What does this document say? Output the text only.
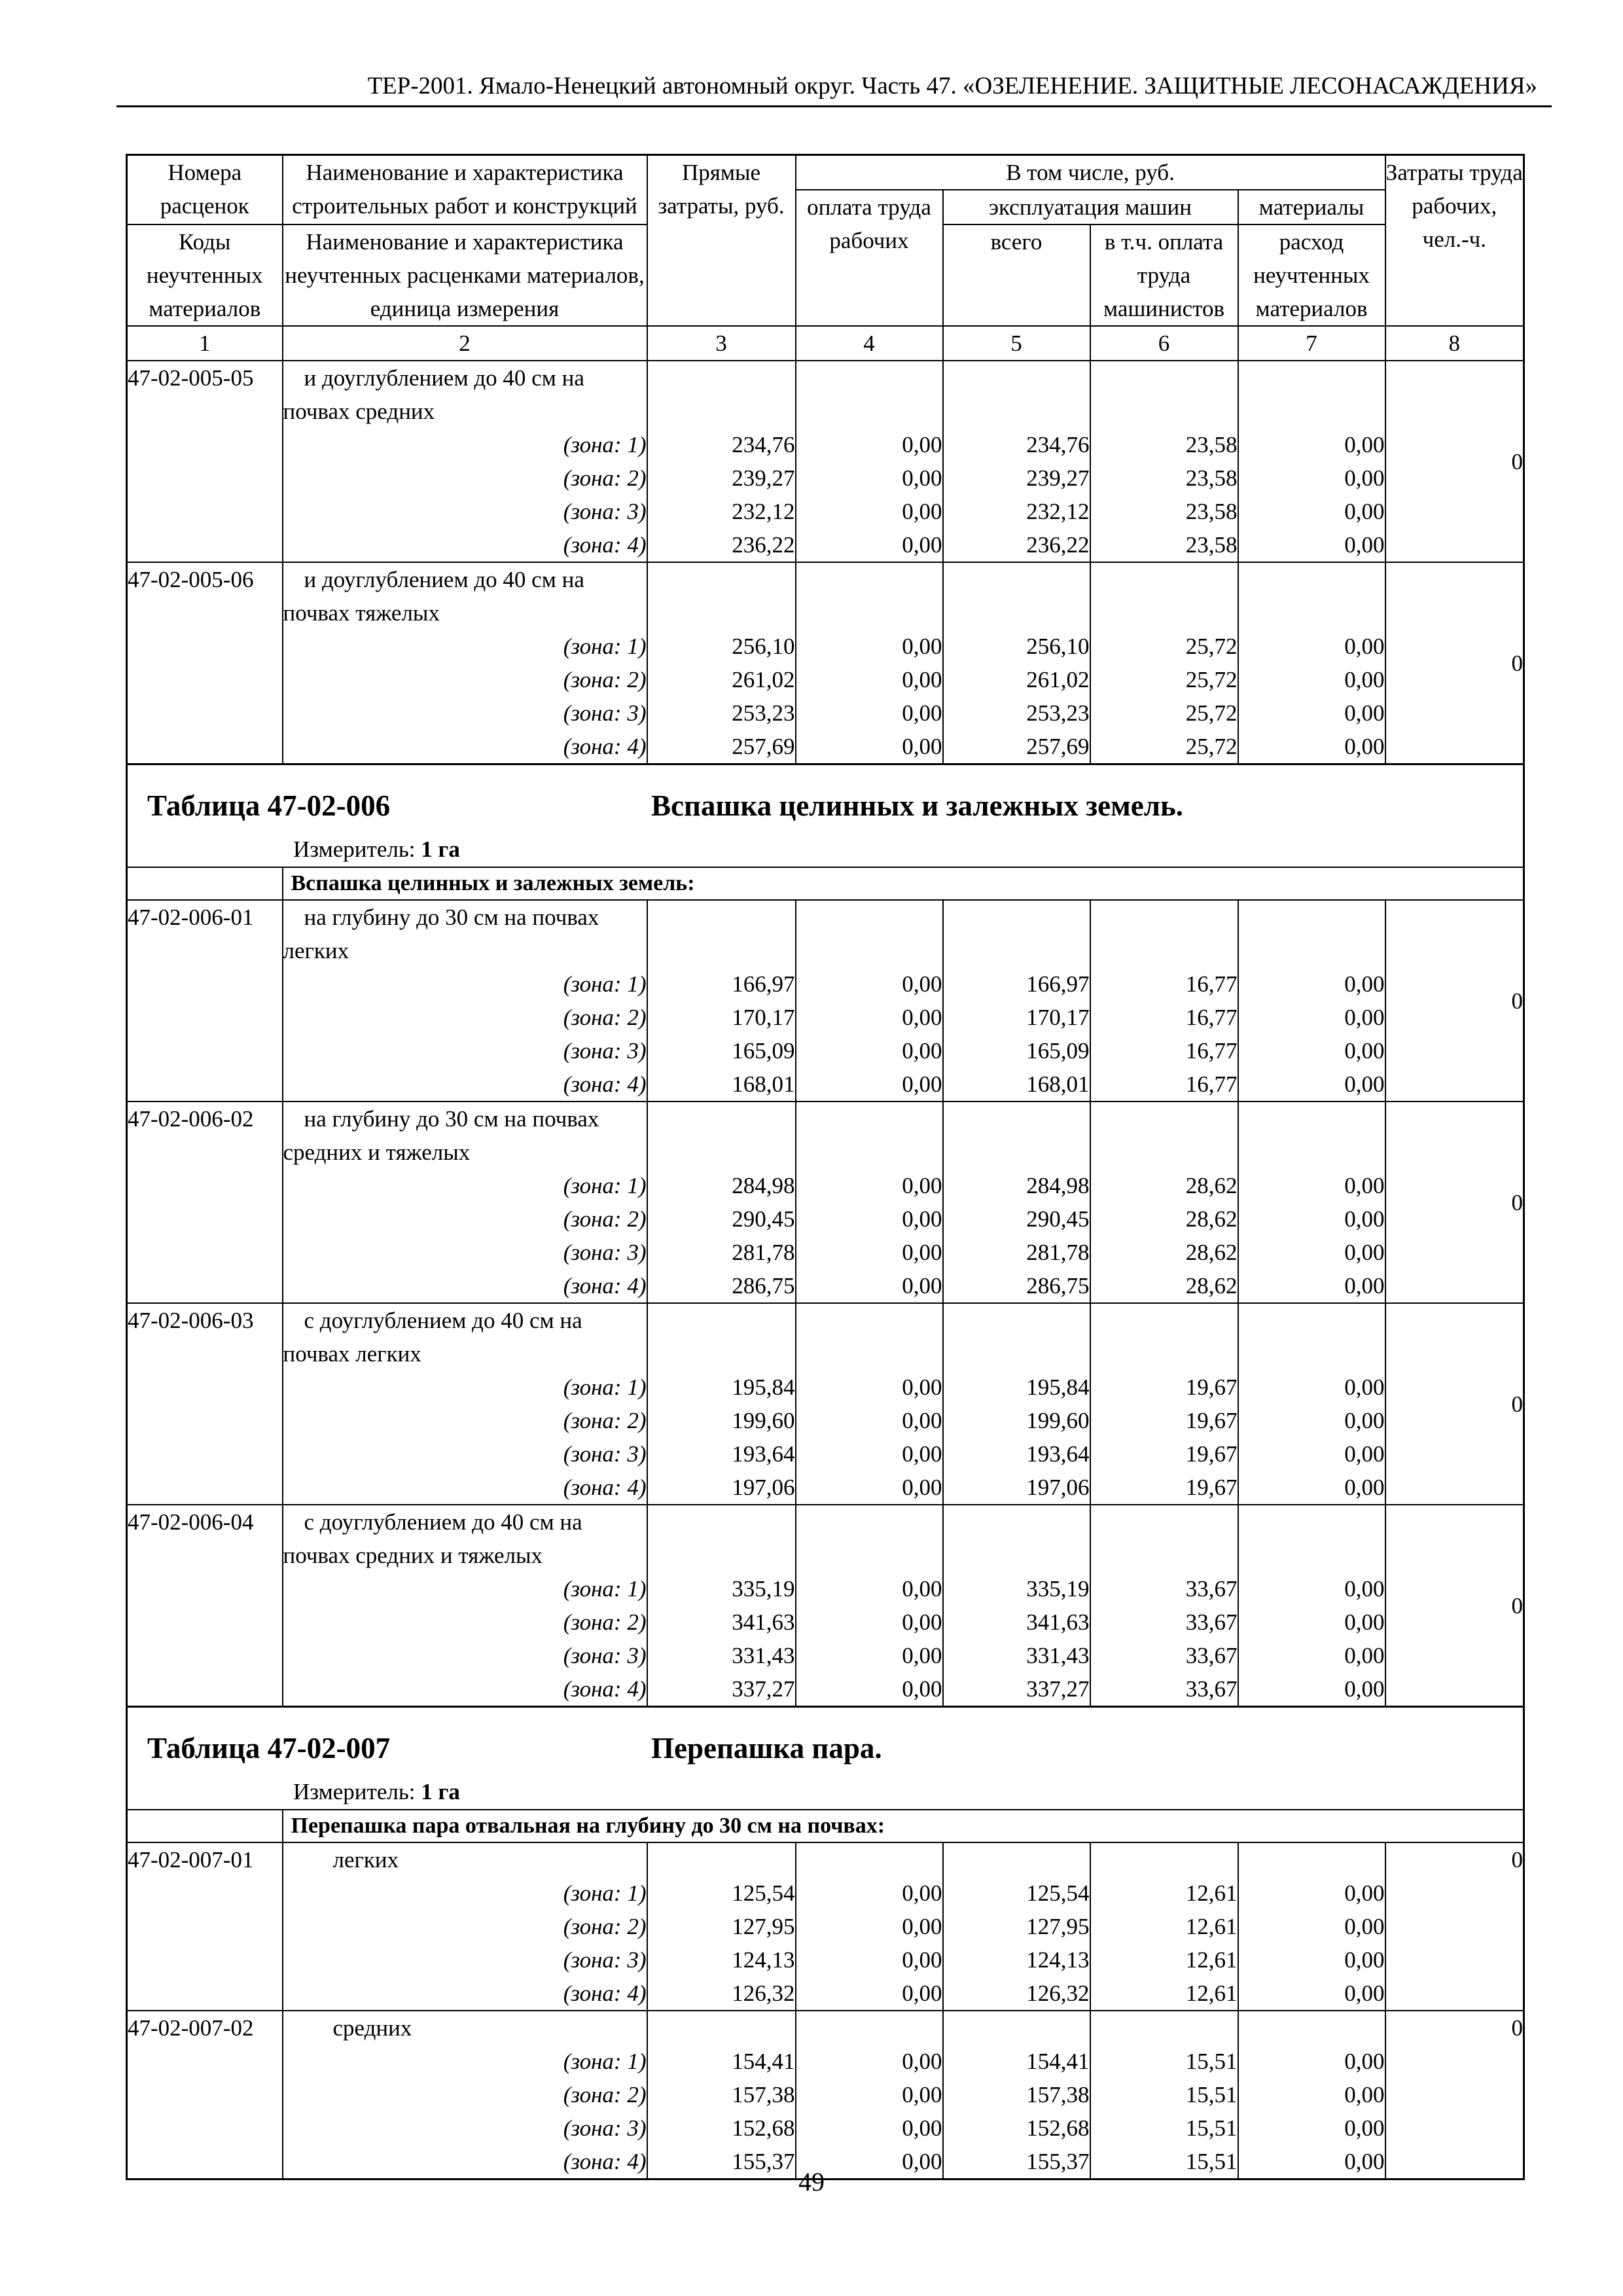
ТЕР-2001. Ямало-Ненецкий автономный округ. Часть 47. «ОЗЕЛЕНЕНИЕ. ЗАЩИТНЫЕ ЛЕСОНАСАЖДЕНИЯ»
Номера расценок	Наименование и характеристика строительных работ и конструкций	Прямые затраты, руб.	В том числе, руб.				Затраты труда рабочих, чел.-ч.
			оплата труда рабочих	эксплуатация машин		материалы	
Коды неучтенных материалов	Наименование и характеристика неучтенных расценками материалов, единица измерения			всего	в т.ч. оплата труда машинистов	расход неучтенных материалов	
1	2	3	4	5	6	7	8
47-02-005-05	и доуглублением до 40 см на
почвах средних						0
	(зона: 1)	234,76	0,00	234,76	23,58	0,00	
	(зона: 2)	239,27	0,00	239,27	23,58	0,00	
	(зона: 3)	232,12	0,00	232,12	23,58	0,00	
	(зона: 4)	236,22	0,00	236,22	23,58	0,00	
47-02-005-06	и доуглублением до 40 см на
почвах тяжелых						0
	(зона: 1)	256,10	0,00	256,10	25,72	0,00	
	(зона: 2)	261,02	0,00	261,02	25,72	0,00	
	(зона: 3)	253,23	0,00	253,23	25,72	0,00	
	(зона: 4)	257,69	0,00	257,69	25,72	0,00	

Таблица 47-02-006 Вспашка целинных и залежных земель.
Измеритель: 1 га							

	Вспашка целинных и залежных земель:						
47-02-006-01	на глубину до 30 см на почвах
легких						0
	(зона: 1)	166,97	0,00	166,97	16,77	0,00	
	(зона: 2)	170,17	0,00	170,17	16,77	0,00	
	(зона: 3)	165,09	0,00	165,09	16,77	0,00	
	(зона: 4)	168,01	0,00	168,01	16,77	0,00	
47-02-006-02	на глубину до 30 см на почвах
средних и тяжелых						0
	(зона: 1)	284,98	0,00	284,98	28,62	0,00	
	(зона: 2)	290,45	0,00	290,45	28,62	0,00	
	(зона: 3)	281,78	0,00	281,78	28,62	0,00	
	(зона: 4)	286,75	0,00	286,75	28,62	0,00	
47-02-006-03	с доуглублением до 40 см на
почвах легких						0
	(зона: 1)	195,84	0,00	195,84	19,67	0,00	
	(зона: 2)	199,60	0,00	199,60	19,67	0,00	
	(зона: 3)	193,64	0,00	193,64	19,67	0,00	
	(зона: 4)	197,06	0,00	197,06	19,67	0,00	
47-02-006-04	с доуглублением до 40 см на
почвах средних и тяжелых						0
	(зона: 1)	335,19	0,00	335,19	33,67	0,00	
	(зона: 2)	341,63	0,00	341,63	33,67	0,00	
	(зона: 3)	331,43	0,00	331,43	33,67	0,00	
	(зона: 4)	337,27	0,00	337,27	33,67	0,00	

Таблица 47-02-007 Перепашка пара.
Измеритель: 1 га							

	Перепашка пара отвальная на глубину до 30 см на почвах:						
47-02-007-01	легких						0
	(зона: 1)	125,54	0,00	125,54	12,61	0,00	
	(зона: 2)	127,95	0,00	127,95	12,61	0,00	
	(зона: 3)	124,13	0,00	124,13	12,61	0,00	
	(зона: 4)	126,32	0,00	126,32	12,61	0,00	
47-02-007-02	средних						0
	(зона: 1)	154,41	0,00	154,41	15,51	0,00	
	(зона: 2)	157,38	0,00	157,38	15,51	0,00	
	(зона: 3)	152,68	0,00	152,68	15,51	0,00	
	(зона: 4)	155,37	0,00	155,37	15,51	0,00	
49
